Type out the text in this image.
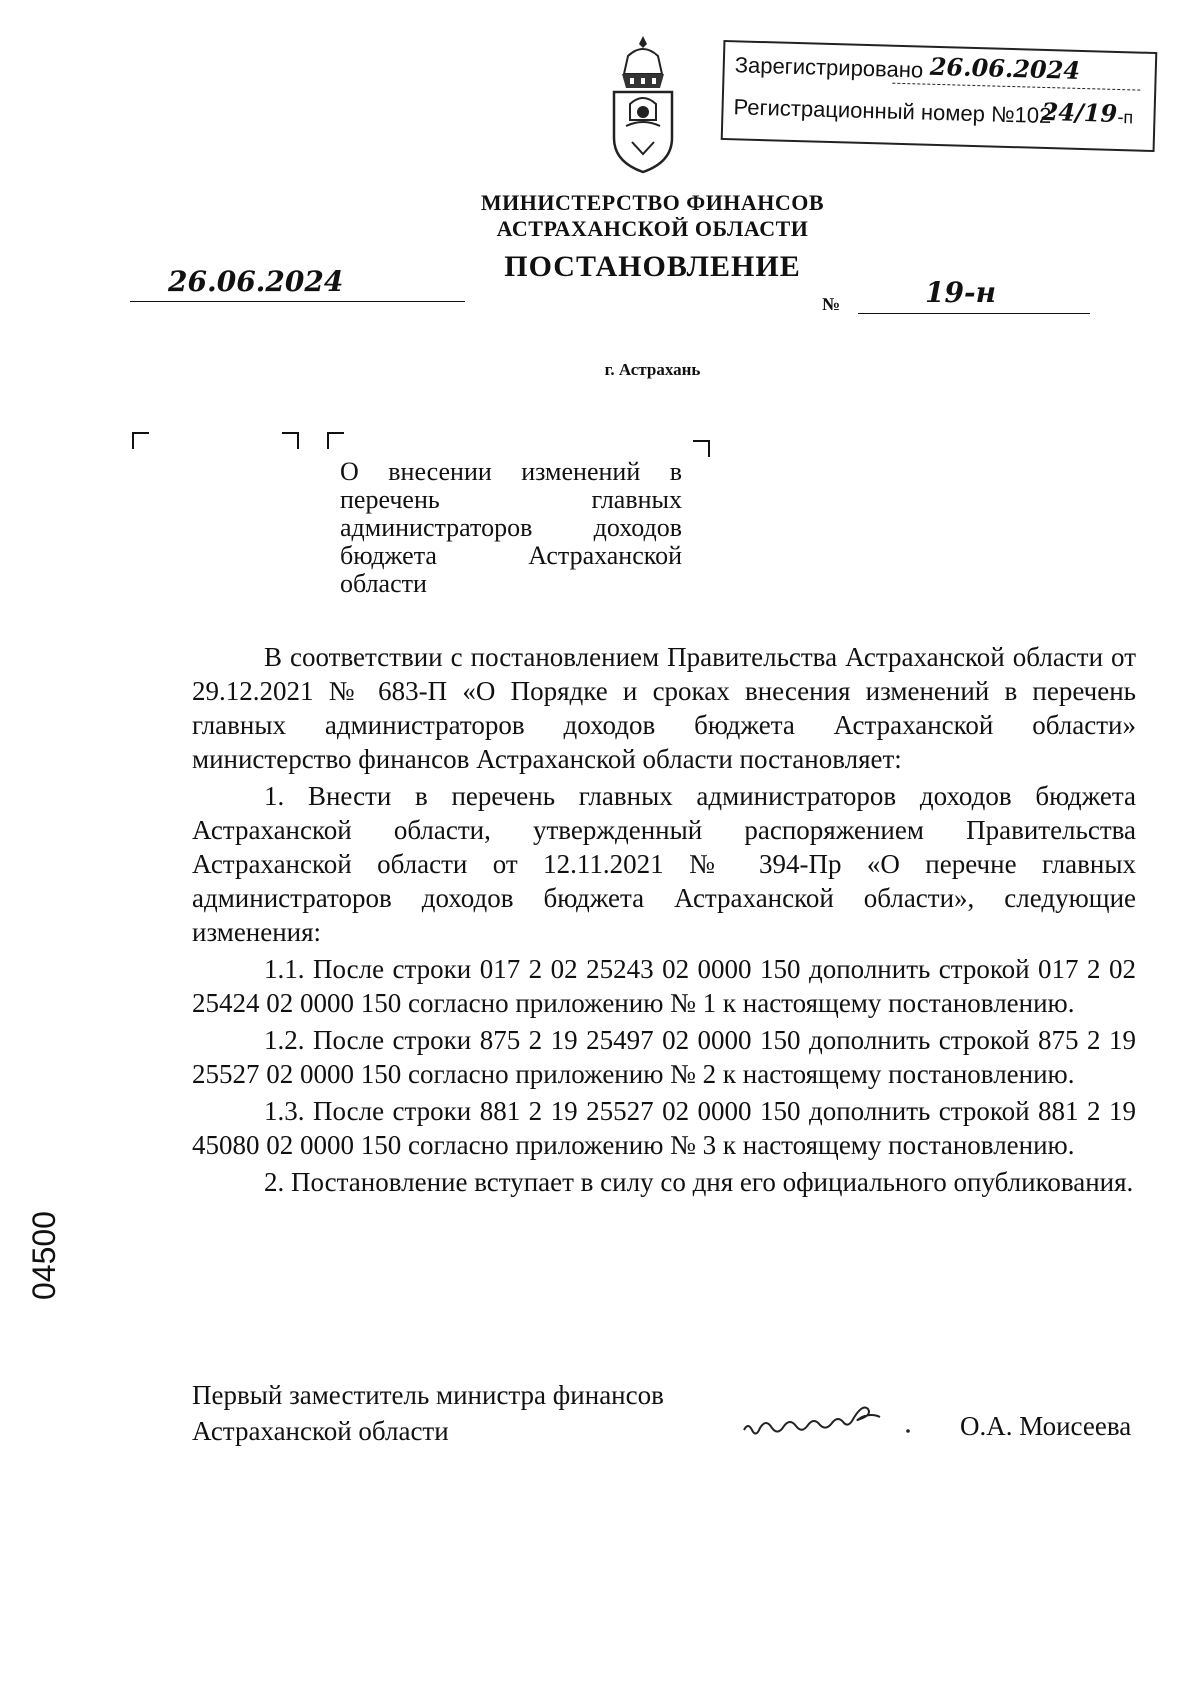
Зарегистрировано 26.06.2024
Регистрационный номер №102
24/19 -п
МИНИСТЕРСТВО ФИНАНСОВ
АСТРАХАНСКОЙ ОБЛАСТИ
ПОСТАНОВЛЕНИЕ
26.06.2024
№	19-н
г. Астрахань
О внесении изменений в
перечень главных
администраторов доходов
бюджета Астраханской
области

В соответствии с постановлением Правительства Астраханской области от 29.12.2021 № 683-П «О Порядке и сроках внесения изменений в перечень главных администраторов доходов бюджета Астраханской области» министерство финансов Астраханской области постановляет:

1. Внести в перечень главных администраторов доходов бюджета Астраханской области, утвержденный распоряжением Правительства Астраханской области от 12.11.2021 № 394-Пр «О перечне главных администраторов доходов бюджета Астраханской области», следующие изменения:

1.1. После строки 017 2 02 25243 02 0000 150 дополнить строкой 017 2 02 25424 02 0000 150 согласно приложению № 1 к настоящему постановлению.

1.2. После строки 875 2 19 25497 02 0000 150 дополнить строкой 875 2 19 25527 02 0000 150 согласно приложению № 2 к настоящему постановлению.

1.3. После строки 881 2 19 25527 02 0000 150 дополнить строкой 881 2 19 45080 02 0000 150 согласно приложению № 3 к настоящему постановлению.

2. Постановление вступает в силу со дня его официального опубликования.

Первый заместитель министра финансов
Астраханской области	О.А. Моисеева
04500
